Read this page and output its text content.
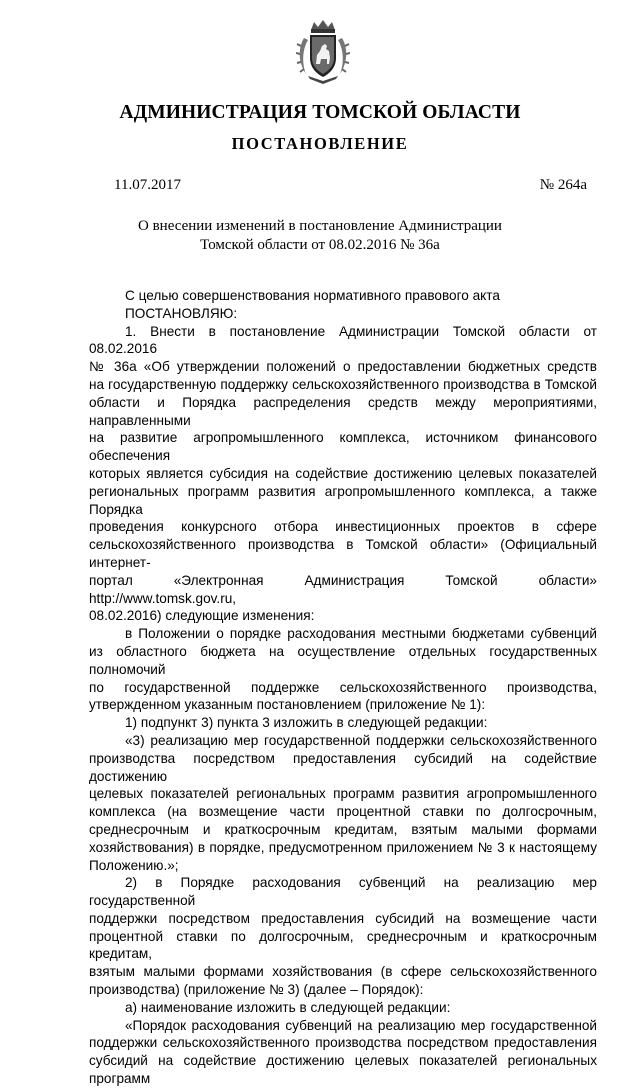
АДМИНИСТРАЦИЯ ТОМСКОЙ ОБЛАСТИ
ПОСТАНОВЛЕНИЕ
11.07.2017	№ 264а
О внесении изменений в постановление Администрации
Томской области от 08.02.2016 № 36а

С целью совершенствования нормативного правового акта

ПОСТАНОВЛЯЮ:

1. Внести в постановление Администрации Томской области от 08.02.2016

№ 36а «Об утверждении положений о предоставлении бюджетных средств

на государственную поддержку сельскохозяйственного производства в Томской

области и Порядка распределения средств между мероприятиями, направленными

на развитие агропромышленного комплекса, источником финансового обеспечения

которых является субсидия на содействие достижению целевых показателей

региональных программ развития агропромышленного комплекса, а также Порядка

проведения конкурсного отбора инвестиционных проектов в сфере

сельскохозяйственного производства в Томской области» (Официальный интернет-

портал «Электронная Администрация Томской области» http://www.tomsk.gov.ru,

08.02.2016) следующие изменения:

в Положении о порядке расходования местными бюджетами субвенций

из областного бюджета на осуществление отдельных государственных полномочий

по государственной поддержке сельскохозяйственного производства,

утвержденном указанным постановлением (приложение № 1):

1) подпункт 3) пункта 3 изложить в следующей редакции:

«3) реализацию мер государственной поддержки сельскохозяйственного

производства посредством предоставления субсидий на содействие достижению

целевых показателей региональных программ развития агропромышленного

комплекса (на возмещение части процентной ставки по долгосрочным,

среднесрочным и краткосрочным кредитам, взятым малыми формами

хозяйствования) в порядке, предусмотренном приложением № 3 к настоящему

Положению.»;

2) в Порядке расходования субвенций на реализацию мер государственной

поддержки посредством предоставления субсидий на возмещение части

процентной ставки по долгосрочным, среднесрочным и краткосрочным кредитам,

взятым малыми формами хозяйствования (в сфере сельскохозяйственного

производства) (приложение № 3) (далее – Порядок):

а) наименование изложить в следующей редакции:

«Порядок расходования субвенций на реализацию мер государственной

поддержки сельскохозяйственного производства посредством предоставления

субсидий на содействие достижению целевых показателей региональных программ
